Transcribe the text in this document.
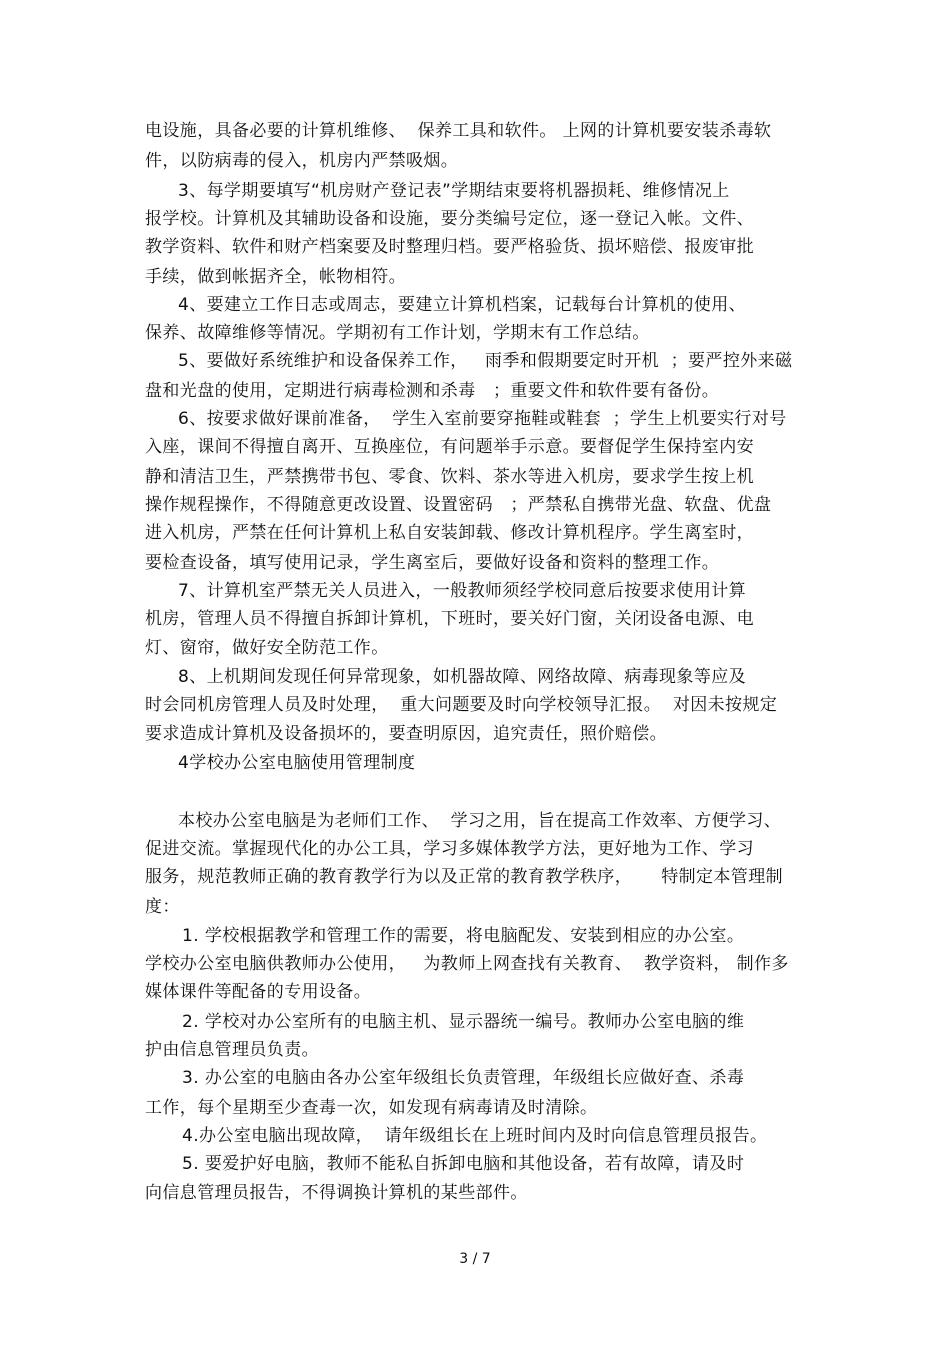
电设施，具备必要的计算机维修、  保养工具和软件。 上网的计算机要安装杀毒软
件，以防病毒的侵入，机房内严禁吸烟。
3、每学期要填写“机房财产登记表”学期结束要将机器损耗、维修情况上
报学校。计算机及其辅助设备和设施，要分类编号定位，逐一登记入帐。文件、
教学资料、软件和财产档案要及时整理归档。要严格验货、损坏赔偿、报废审批
手续，做到帐据齐全，帐物相符。
4、要建立工作日志或周志，要建立计算机档案，记载每台计算机的使用、
保养、故障维修等情况。学期初有工作计划，学期末有工作总结。
5、要做好系统维护和设备保养工作，   雨季和假期要定时开机  ；要严控外来磁
盘和光盘的使用，定期进行病毒检测和杀毒   ；重要文件和软件要有备份。
6、按要求做好课前准备，  学生入室前要穿拖鞋或鞋套  ；学生上机要实行对号
入座，课间不得擅自离开、互换座位，有问题举手示意。要督促学生保持室内安
静和清洁卫生，严禁携带书包、零食、饮料、茶水等进入机房，要求学生按上机
操作规程操作，不得随意更改设置、设置密码   ；严禁私自携带光盘、软盘、优盘
进入机房，严禁在任何计算机上私自安装卸载、修改计算机程序。学生离室时，
要检查设备，填写使用记录，学生离室后，要做好设备和资料的整理工作。
7、计算机室严禁无关人员进入，一般教师须经学校同意后按要求使用计算
机房，管理人员不得擅自拆卸计算机，下班时，要关好门窗，关闭设备电源、电
灯、窗帘，做好安全防范工作。
8、上机期间发现任何异常现象，如机器故障、网络故障、病毒现象等应及
时会同机房管理人员及时处理，  重大问题要及时向学校领导汇报。  对因未按规定
要求造成计算机及设备损坏的，要查明原因，追究责任，照价赔偿。
4学校办公室电脑使用管理制度
本校办公室电脑是为老师们工作、  学习之用，旨在提高工作效率、方便学习、
促进交流。掌握现代化的办公工具，学习多媒体教学方法，更好地为工作、学习
服务，规范教师正确的教育教学行为以及正常的教育教学秩序，     特制定本管理制
度：
1. 学校根据教学和管理工作的需要，将电脑配发、安装到相应的办公室。
学校办公室电脑供教师办公使用，   为教师上网查找有关教育、  教学资料， 制作多
媒体课件等配备的专用设备。
2. 学校对办公室所有的电脑主机、显示器统一编号。教师办公室电脑的维
护由信息管理员负责。
3. 办公室的电脑由各办公室年级组长负责管理，年级组长应做好查、杀毒
工作，每个星期至少查毒一次，如发现有病毒请及时清除。
4.办公室电脑出现故障，  请年级组长在上班时间内及时向信息管理员报告。
5. 要爱护好电脑，教师不能私自拆卸电脑和其他设备，若有故障，请及时
向信息管理员报告，不得调换计算机的某些部件。
3 / 7
